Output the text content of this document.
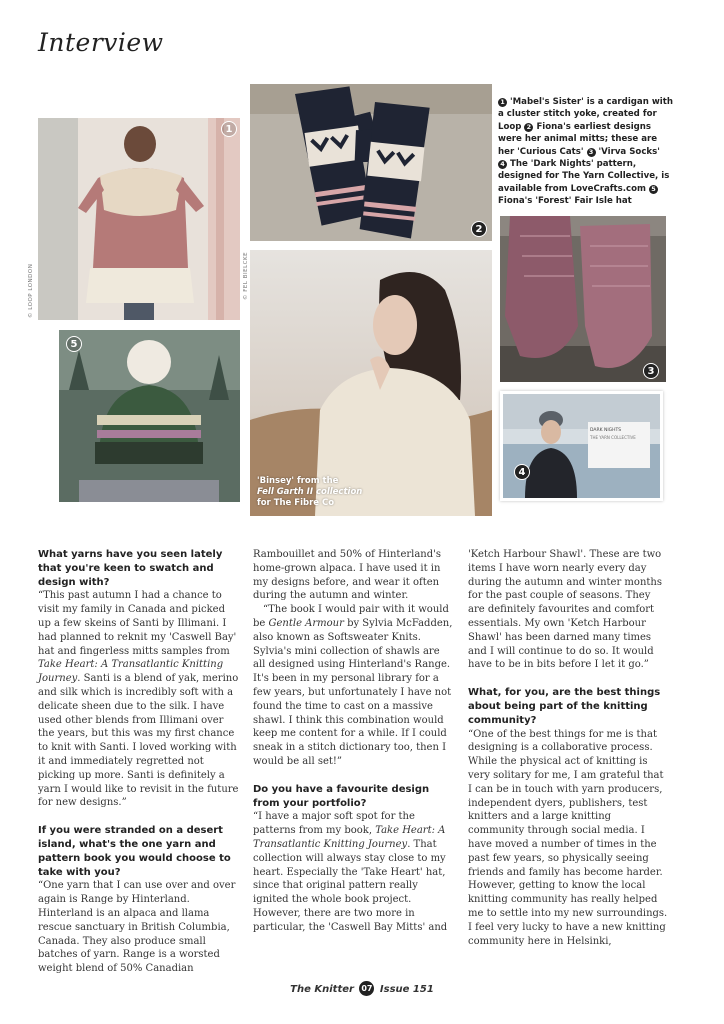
Interview
1
© LOOP LONDON
2
1 'Mabel's Sister' is a cardigan with a cluster stitch yoke, created for Loop 2 Fiona's earliest designs were her animal mitts; these are her 'Curious Cats' 3 'Virva Socks' 4 The 'Dark Nights' pattern, designed for The Yarn Collective, is available from LoveCrafts.com 5Fiona's 'Forest' Fair Isle hat
3
5
© FEL BIELCKE
'Binsey' from the
Fell Garth II collection
for The Fibre Co
DARK NIGHTS
THE YARN COLLECTIVE
4

What yarns have you seen lately that you're keen to swatch and design with?

“This past autumn I had a chance to visit my family in Canada and picked up a few skeins of Santi by Illimani. I had planned to reknit my 'Caswell Bay' hat and fingerless mitts samples from Take Heart: A Transatlantic Knitting Journey. Santi is a blend of yak, merino and silk which is incredibly soft with a delicate sheen due to the silk. I have used other blends from Illimani over the years, but this was my first chance to knit with Santi. I loved working with it and immediately regretted not picking up more. Santi is definitely a yarn I would like to revisit in the future for new designs.”

If you were stranded on a desert island, what's the one yarn and pattern book you would choose to take with you?

“One yarn that I can use over and over again is Range by Hinterland. Hinterland is an alpaca and llama rescue sanctuary in British Columbia, Canada. They also produce small batches of yarn. Range is a worsted weight blend of 50% Canadian

Rambouillet and 50% of Hinterland's home-grown alpaca. I have used it in my designs before, and wear it often during the autumn and winter.

“The book I would pair with it would be Gentle Armour by Sylvia McFadden, also known as Softsweater Knits. Sylvia's mini collection of shawls are all designed using Hinterland's Range. It's been in my personal library for a few years, but unfortunately I have not found the time to cast on a massive shawl. I think this combination would keep me content for a while. If I could sneak in a stitch dictionary too, then I would be all set!”

Do you have a favourite design from your portfolio?

“I have a major soft spot for the patterns from my book, Take Heart: A Transatlantic Knitting Journey. That collection will always stay close to my heart. Especially the 'Take Heart' hat, since that original pattern really ignited the whole book project. However, there are two more in particular, the 'Caswell Bay Mitts' and

'Ketch Harbour Shawl'. These are two items I have worn nearly every day during the autumn and winter months for the past couple of seasons. They are definitely favourites and comfort essentials. My own 'Ketch Harbour Shawl' has been darned many times and I will continue to do so. It would have to be in bits before I let it go.”

What, for you, are the best things about being part of the knitting community?

“One of the best things for me is that designing is a collaborative process. While the physical act of knitting is very solitary for me, I am grateful that I can be in touch with yarn producers, independent dyers, publishers, test knitters and a large knitting community through social media. I have moved a number of times in the past few years, so physically seeing friends and family has become harder. However, getting to know the local knitting community has really helped me to settle into my new surroundings. I feel very lucky to have a new knitting community here in Helsinki,

The Knitter 07 Issue 151
